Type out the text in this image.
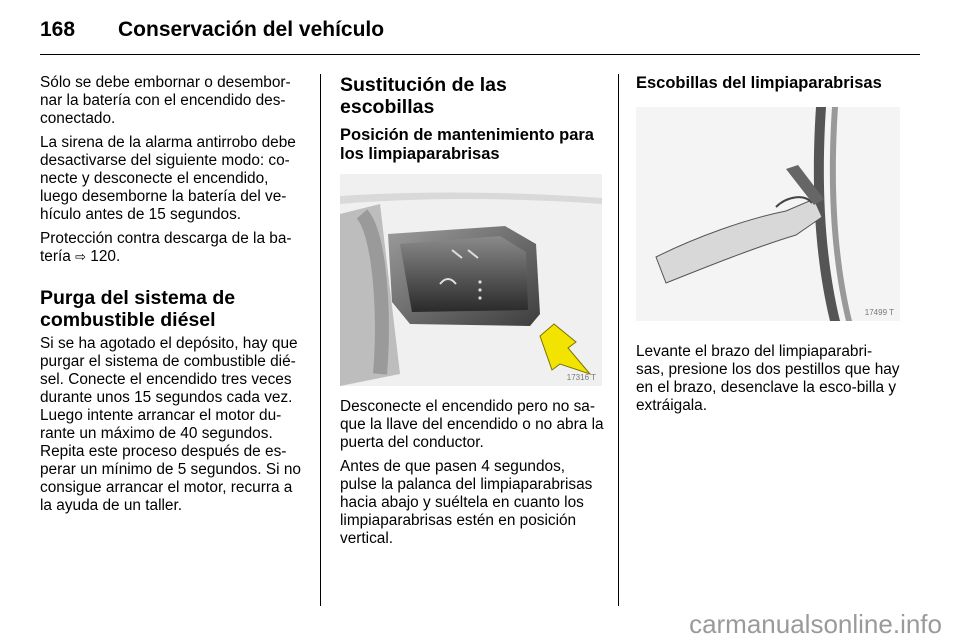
168 Conservación del vehículo

Sólo se debe embornar o desembor-nar la batería con el encendido des-conectado.

La sirena de la alarma antirrobo debe desactivarse del siguiente modo: co-necte y desconecte el encendido, luego desemborne la batería del ve-hículo antes de 15 segundos.

Protección contra descarga de la ba-tería ⇨ 120.

Purga del sistema de combustible diésel

Si se ha agotado el depósito, hay que purgar el sistema de combustible dié-sel. Conecte el encendido tres veces durante unos 15 segundos cada vez. Luego intente arrancar el motor du-rante un máximo de 40 segundos. Repita este proceso después de es-perar un mínimo de 5 segundos. Si no consigue arrancar el motor, recurra a la ayuda de un taller.

Sustitución de las escobillas
Posición de mantenimiento para los limpiaparabrisas
17316 T

Desconecte el encendido pero no sa-que la llave del encendido o no abra la puerta del conductor.

Antes de que pasen 4 segundos, pulse la palanca del limpiaparabrisas hacia abajo y suéltela en cuanto los limpiaparabrisas estén en posición vertical.

Escobillas del limpiaparabrisas
17499 T

Levante el brazo del limpiaparabri-sas, presione los dos pestillos que hay en el brazo, desenclave la esco-billa y extráigala.

carmanualsonline.info
